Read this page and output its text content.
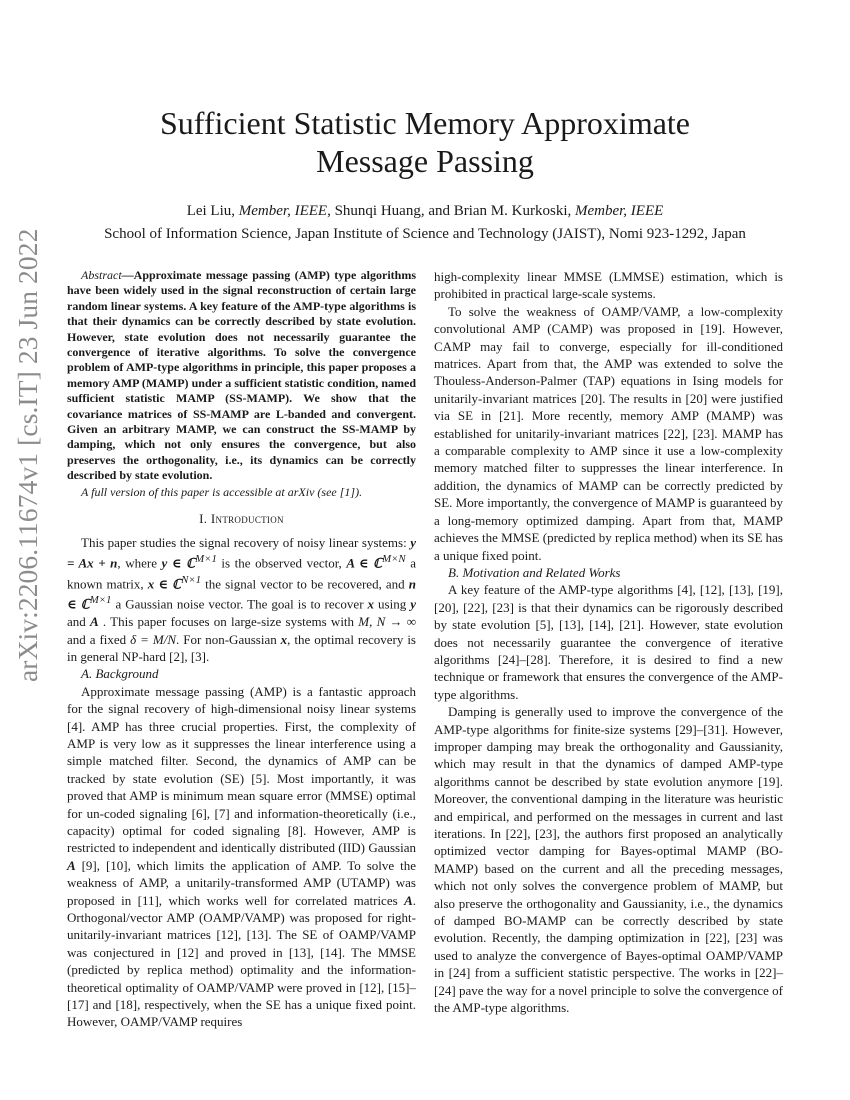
arXiv:2206.11674v1 [cs.IT] 23 Jun 2022
Sufficient Statistic Memory Approximate
Message Passing
Lei Liu, Member, IEEE, Shunqi Huang, and Brian M. Kurkoski, Member, IEEE
School of Information Science, Japan Institute of Science and Technology (JAIST), Nomi 923-1292, Japan

Abstract—Approximate message passing (AMP) type algorithms have been widely used in the signal reconstruction of certain large random linear systems. A key feature of the AMP-type algorithms is that their dynamics can be correctly described by state evolution. However, state evolution does not necessarily guarantee the convergence of iterative algorithms. To solve the convergence problem of AMP-type algorithms in principle, this paper proposes a memory AMP (MAMP) under a sufficient statistic condition, named sufficient statistic MAMP (SS-MAMP). We show that the covariance matrices of SS-MAMP are L-banded and convergent. Given an arbitrary MAMP, we can construct the SS-MAMP by damping, which not only ensures the convergence, but also preserves the orthogonality, i.e., its dynamics can be correctly described by state evolution.

A full version of this paper is accessible at arXiv (see [1]).

I. Introduction

This paper studies the signal recovery of noisy linear systems: y = Ax + n, where y ∈ ℂ$^{M\times 1}$ is the observed vector, A ∈ ℂ$^{M\times N}$ a known matrix, x ∈ ℂ$^{N\times 1}$ the signal vector to be recovered, and n ∈ ℂ$^{M\times 1}$ a Gaussian noise vector. The goal is to recover x using y and A . This paper focuses on large-size systems with M, N → ∞ and a fixed δ = M/N. For non-Gaussian x, the optimal recovery is in general NP-hard [2], [3].

A. Background

Approximate message passing (AMP) is a fantastic approach for the signal recovery of high-dimensional noisy linear systems [4]. AMP has three crucial properties. First, the complexity of AMP is very low as it suppresses the linear interference using a simple matched filter. Second, the dynamics of AMP can be tracked by state evolution (SE) [5]. Most importantly, it was proved that AMP is minimum mean square error (MMSE) optimal for un-coded signaling [6], [7] and information-theoretically (i.e., capacity) optimal for coded signaling [8]. However, AMP is restricted to independent and identically distributed (IID) Gaussian A [9], [10], which limits the application of AMP. To solve the weakness of AMP, a unitarily-transformed AMP (UTAMP) was proposed in [11], which works well for correlated matrices A. Orthogonal/vector AMP (OAMP/VAMP) was proposed for right-unitarily-invariant matrices [12], [13]. The SE of OAMP/VAMP was conjectured in [12] and proved in [13], [14]. The MMSE (predicted by replica method) optimality and the information-theoretical optimality of OAMP/VAMP were proved in [12], [15]–[17] and [18], respectively, when the SE has a unique fixed point. However, OAMP/VAMP requires

high-complexity linear MMSE (LMMSE) estimation, which is prohibited in practical large-scale systems.

To solve the weakness of OAMP/VAMP, a low-complexity convolutional AMP (CAMP) was proposed in [19]. However, CAMP may fail to converge, especially for ill-conditioned matrices. Apart from that, the AMP was extended to solve the Thouless-Anderson-Palmer (TAP) equations in Ising models for unitarily-invariant matrices [20]. The results in [20] were justified via SE in [21]. More recently, memory AMP (MAMP) was established for unitarily-invariant matrices [22], [23]. MAMP has a comparable complexity to AMP since it use a low-complexity memory matched filter to suppresses the linear interference. In addition, the dynamics of MAMP can be correctly predicted by SE. More importantly, the convergence of MAMP is guaranteed by a long-memory optimized damping. Apart from that, MAMP achieves the MMSE (predicted by replica method) when its SE has a unique fixed point.

B. Motivation and Related Works

A key feature of the AMP-type algorithms [4], [12], [13], [19], [20], [22], [23] is that their dynamics can be rigorously described by state evolution [5], [13], [14], [21]. However, state evolution does not necessarily guarantee the convergence of iterative algorithms [24]–[28]. Therefore, it is desired to find a new technique or framework that ensures the convergence of the AMP-type algorithms.

Damping is generally used to improve the convergence of the AMP-type algorithms for finite-size systems [29]–[31]. However, improper damping may break the orthogonality and Gaussianity, which may result in that the dynamics of damped AMP-type algorithms cannot be described by state evolution anymore [19]. Moreover, the conventional damping in the literature was heuristic and empirical, and performed on the messages in current and last iterations. In [22], [23], the authors first proposed an analytically optimized vector damping for Bayes-optimal MAMP (BO-MAMP) based on the current and all the preceding messages, which not only solves the convergence problem of MAMP, but also preserve the orthogonality and Gaussianity, i.e., the dynamics of damped BO-MAMP can be correctly described by state evolution. Recently, the damping optimization in [22], [23] was used to analyze the convergence of Bayes-optimal OAMP/VAMP in [24] from a sufficient statistic perspective. The works in [22]–[24] pave the way for a novel principle to solve the convergence of the AMP-type algorithms.
